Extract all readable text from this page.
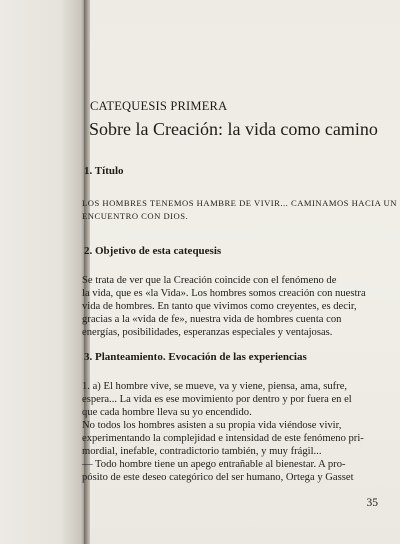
CATEQUESIS PRIMERA
Sobre la Creación: la vida como camino
1. Título
LOS HOMBRES TENEMOS HAMBRE DE VIVIR... CAMINAMOS HACIA UN
ENCUENTRO CON DIOS.
2. Objetivo de esta catequesis
Se trata de ver que la Creación coincide con el fenómeno de
la vida, que es «la Vida». Los hombres somos creación con nuestra
vida de hombres. En tanto que vivimos como creyentes, es decir,
gracias a la «vida de fe», nuestra vida de hombres cuenta con
energías, posibilidades, esperanzas especiales y ventajosas.
3. Planteamiento. Evocación de las experiencias
1. a) El hombre vive, se mueve, va y viene, piensa, ama, sufre,
espera... La vida es ese movimiento por dentro y por fuera en el
que cada hombre lleva su yo encendido.
No todos los hombres asisten a su propia vida viéndose vivir,
experimentando la complejidad e intensidad de este fenómeno pri-
mordial, inefable, contradictorio también, y muy frágil...
— Todo hombre tiene un apego entrañable al bienestar. A pro-
pósito de este deseo categórico del ser humano, Ortega y Gasset
35
